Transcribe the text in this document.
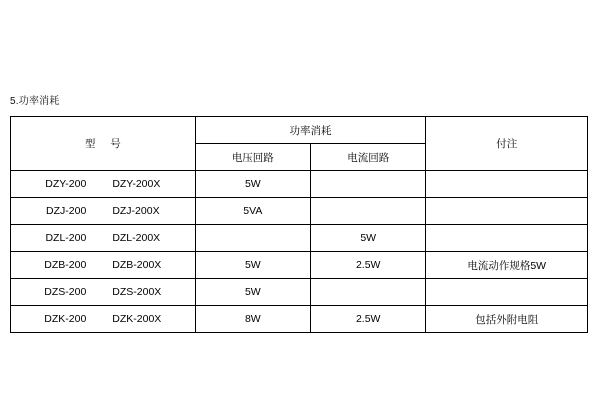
5.功率消耗
型 号	功率消耗		付注
	电压回路	电流回路	

DZY-200 DZY-200X	5W		

DZJ-200 DZJ-200X	5VA		

DZL-200 DZL-200X		5W	

DZB-200 DZB-200X	5W	2.5W	电流动作规格5W

DZS-200 DZS-200X	5W		

DZK-200 DZK-200X	8W	2.5W	包括外附电阻
